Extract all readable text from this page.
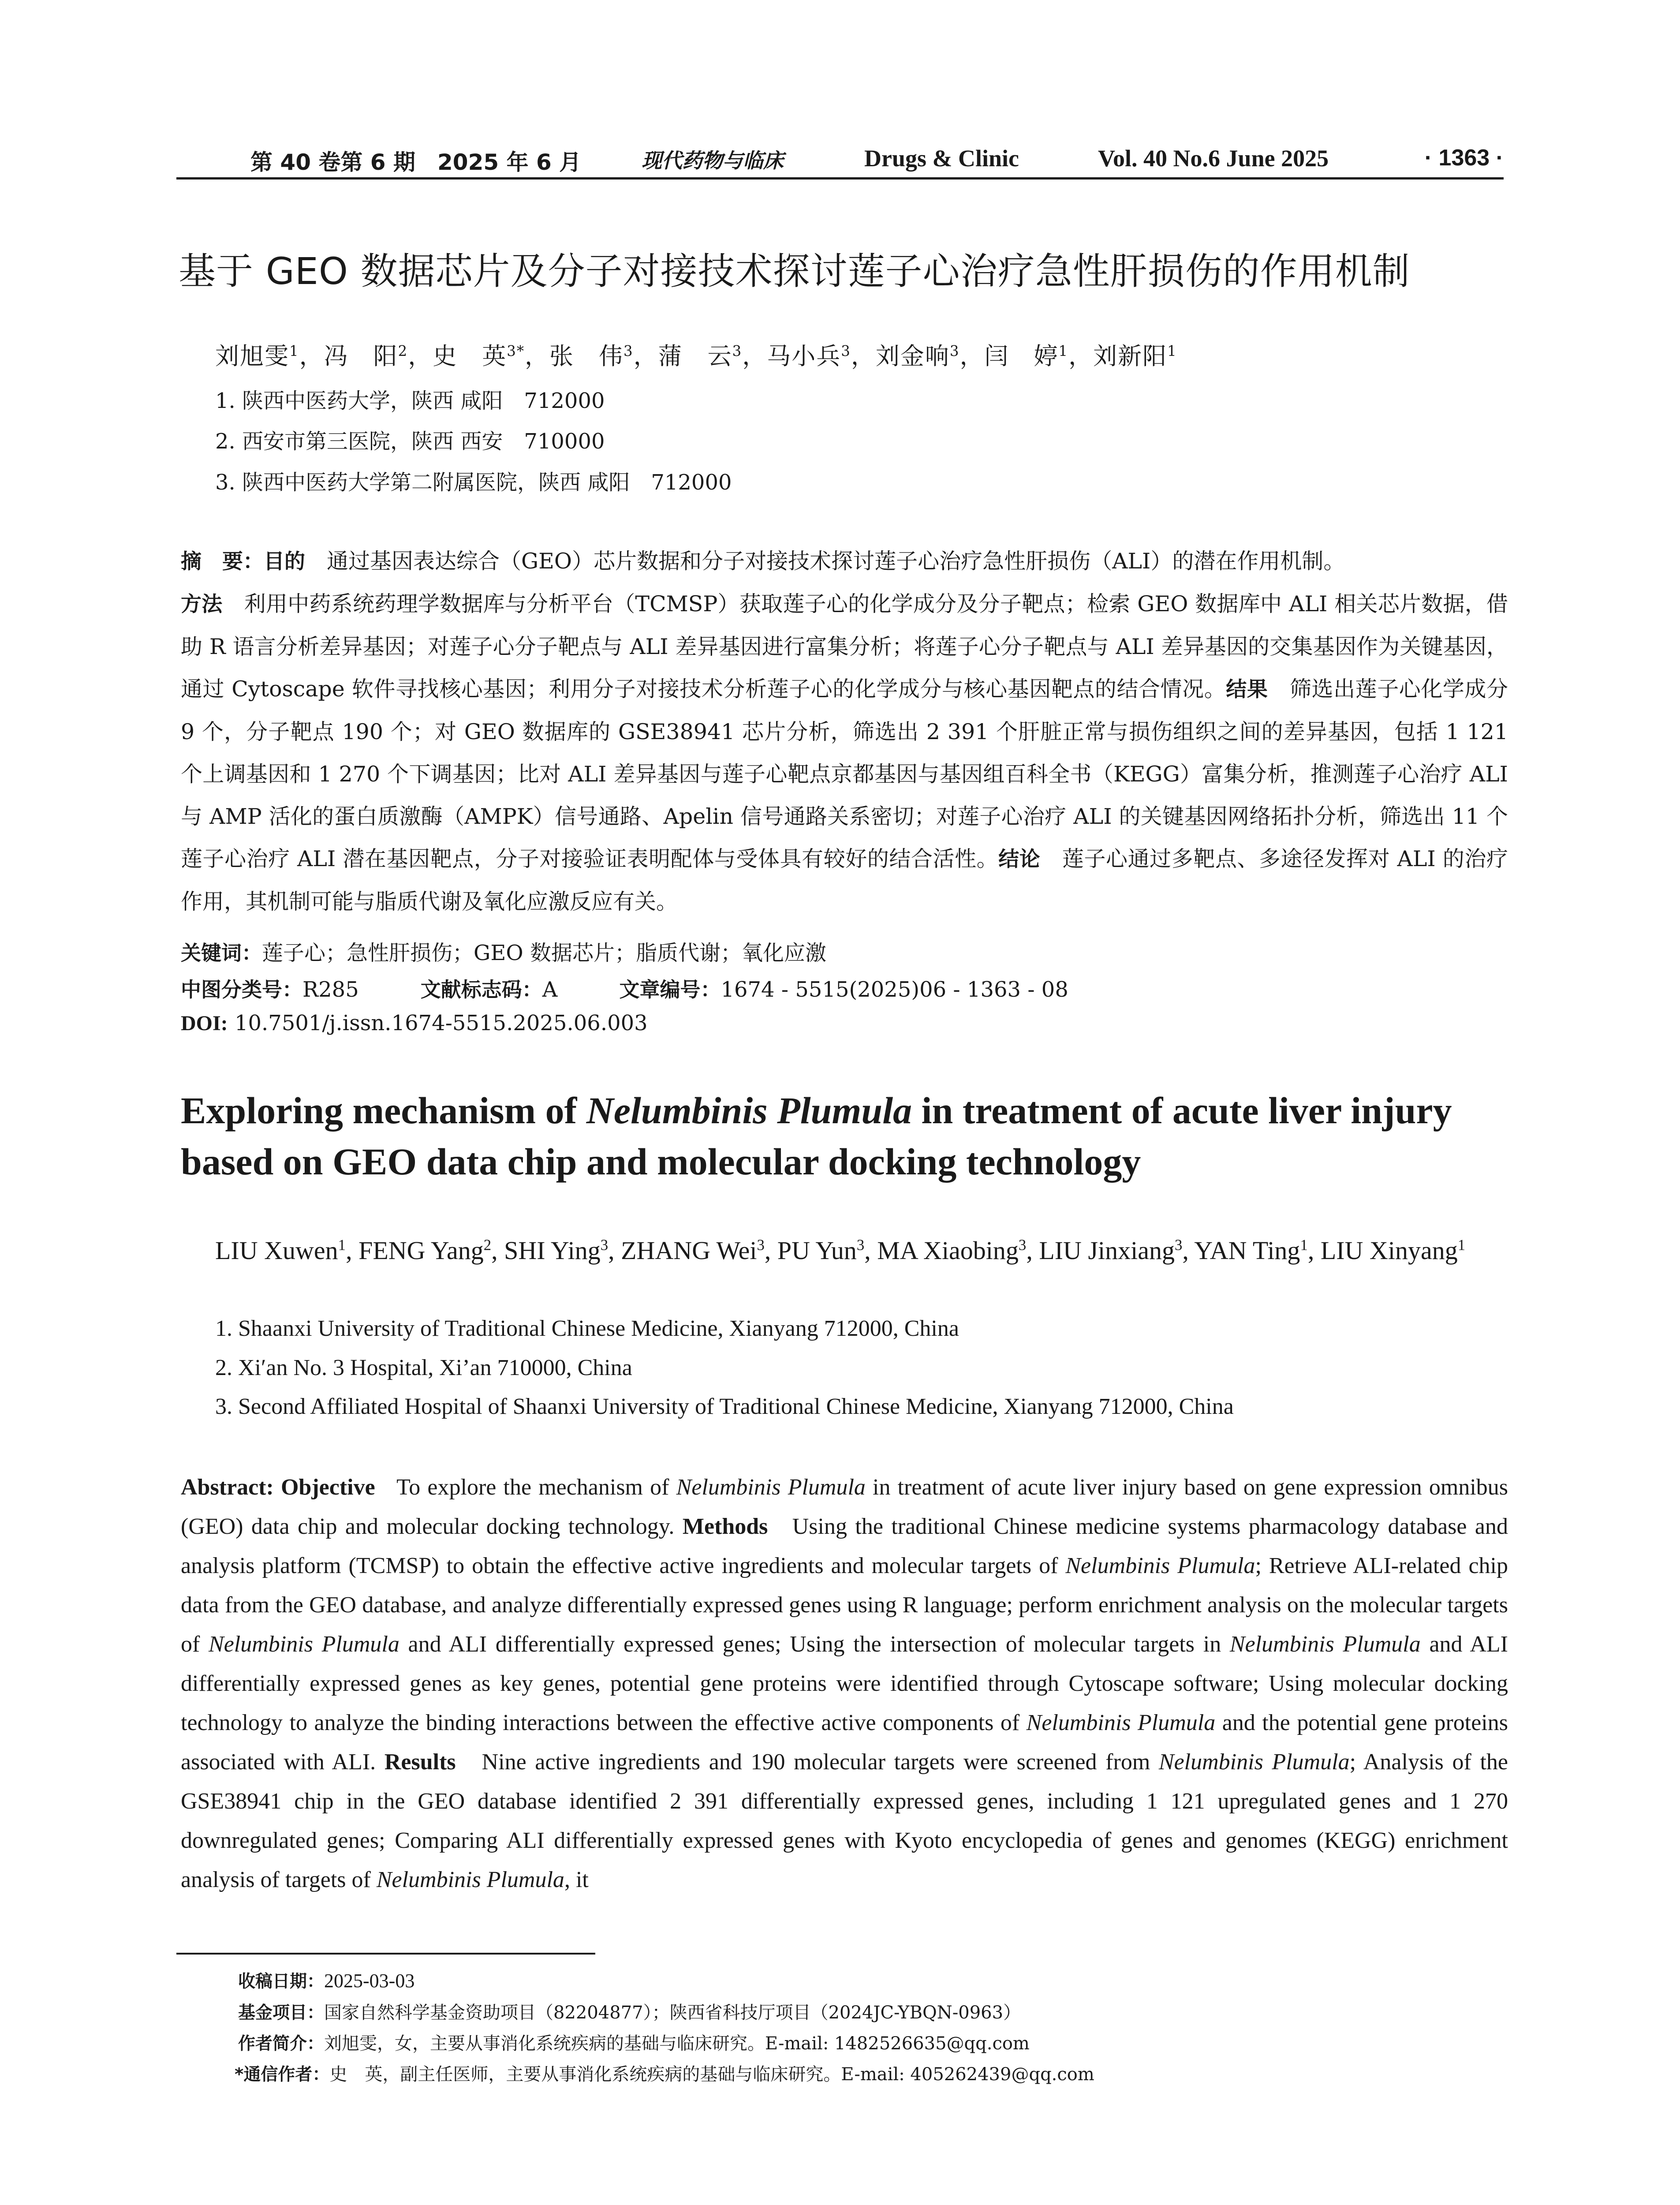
第 40 卷第 6 期　2025 年 6 月	现代药物与临床	Drugs & Clinic	Vol. 40 No.6 June 2025	· 1363 ·
基于 GEO 数据芯片及分子对接技术探讨莲子心治疗急性肝损伤的作用机制
刘旭雯$^1$，冯　阳$^2$，史　英$^{3*}$，张　伟$^3$，蒲　云$^3$，马小兵$^3$，刘金响$^3$，闫　婷$^1$，刘新阳$^1$
1. 陕西中医药大学，陕西 咸阳　712000
2. 西安市第三医院，陕西 西安　710000
3. 陕西中医药大学第二附属医院，陕西 咸阳　712000
摘　要：目的　 通过基因表达综合（GEO）芯片数据和分子对接技术探讨莲子心治疗急性肝损伤（ALI）的潜在作用机制。
方法　 利用中药系统药理学数据库与分析平台（TCMSP）获取莲子心的化学成分及分子靶点；检索 GEO 数据库中 ALI 相关芯片数据，借助 R 语言分析差异基因；对莲子心分子靶点与 ALI 差异基因进行富集分析；将莲子心分子靶点与 ALI 差异基因的交集基因作为关键基因，通过 Cytoscape 软件寻找核心基因；利用分子对接技术分析莲子心的化学成分与核心基因靶点的结合情况。结果　 筛选出莲子心化学成分 9 个，分子靶点 190 个；对 GEO 数据库的 GSE38941 芯片分析，筛选出 2 391 个肝脏正常与损伤组织之间的差异基因，包括 1 121 个上调基因和 1 270 个下调基因；比对 ALI 差异基因与莲子心靶点京都基因与基因组百科全书（KEGG）富集分析，推测莲子心治疗 ALI 与 AMP 活化的蛋白质激酶（AMPK）信号通路、Apelin 信号通路关系密切；对莲子心治疗 ALI 的关键基因网络拓扑分析，筛选出 11 个莲子心治疗 ALI 潜在基因靶点，分子对接验证表明配体与受体具有较好的结合活性。结论　 莲子心通过多靶点、多途径发挥对 ALI 的治疗作用，其机制可能与脂质代谢及氧化应激反应有关。
关键词：莲子心；急性肝损伤；GEO 数据芯片；脂质代谢；氧化应激
中图分类号：R285	文献标志码：A	文章编号：1674 - 5515(2025)06 - 1363 - 08
DOI: 10.7501/j.issn.1674-5515.2025.06.003
Exploring mechanism of Nelumbinis Plumula in treatment of acute liver injury based on GEO data chip and molecular docking technology
LIU Xuwen$^1$, FENG Yang$^2$, SHI Ying$^3$, ZHANG Wei$^3$, PU Yun$^3$, MA Xiaobing$^3$, LIU Jinxiang$^3$, YAN Ting$^1$, LIU Xinyang$^1$
1. Shaanxi University of Traditional Chinese Medicine, Xianyang 712000, China
2. Xi′an No. 3 Hospital, Xi’an 710000, China
3. Second Affiliated Hospital of Shaanxi University of Traditional Chinese Medicine, Xianyang 712000, China
Abstract: Objective To explore the mechanism of Nelumbinis Plumula in treatment of acute liver injury based on gene expression omnibus (GEO) data chip and molecular docking technology. Methods Using the traditional Chinese medicine systems pharmacology database and analysis platform (TCMSP) to obtain the effective active ingredients and molecular targets of Nelumbinis Plumula; Retrieve ALI-related chip data from the GEO database, and analyze differentially expressed genes using R language; perform enrichment analysis on the molecular targets of Nelumbinis Plumula and ALI differentially expressed genes; Using the intersection of molecular targets in Nelumbinis Plumula and ALI differentially expressed genes as key genes, potential gene proteins were identified through Cytoscape software; Using molecular docking technology to analyze the binding interactions between the effective active components of Nelumbinis Plumula and the potential gene proteins associated with ALI. Results Nine active ingredients and 190 molecular targets were screened from Nelumbinis Plumula; Analysis of the GSE38941 chip in the GEO database identified 2 391 differentially expressed genes, including 1 121 upregulated genes and 1 270 downregulated genes; Comparing ALI differentially expressed genes with Kyoto encyclopedia of genes and genomes (KEGG) enrichment analysis of targets of Nelumbinis Plumula, it
收稿日期：2025-03-03
基金项目：国家自然科学基金资助项目（82204877）；陕西省科技厅项目（2024JC-YBQN-0963）
作者简介：刘旭雯，女，主要从事消化系统疾病的基础与临床研究。E-mail: 1482526635@qq.com
*通信作者：史　英，副主任医师，主要从事消化系统疾病的基础与临床研究。E-mail: 405262439@qq.com
